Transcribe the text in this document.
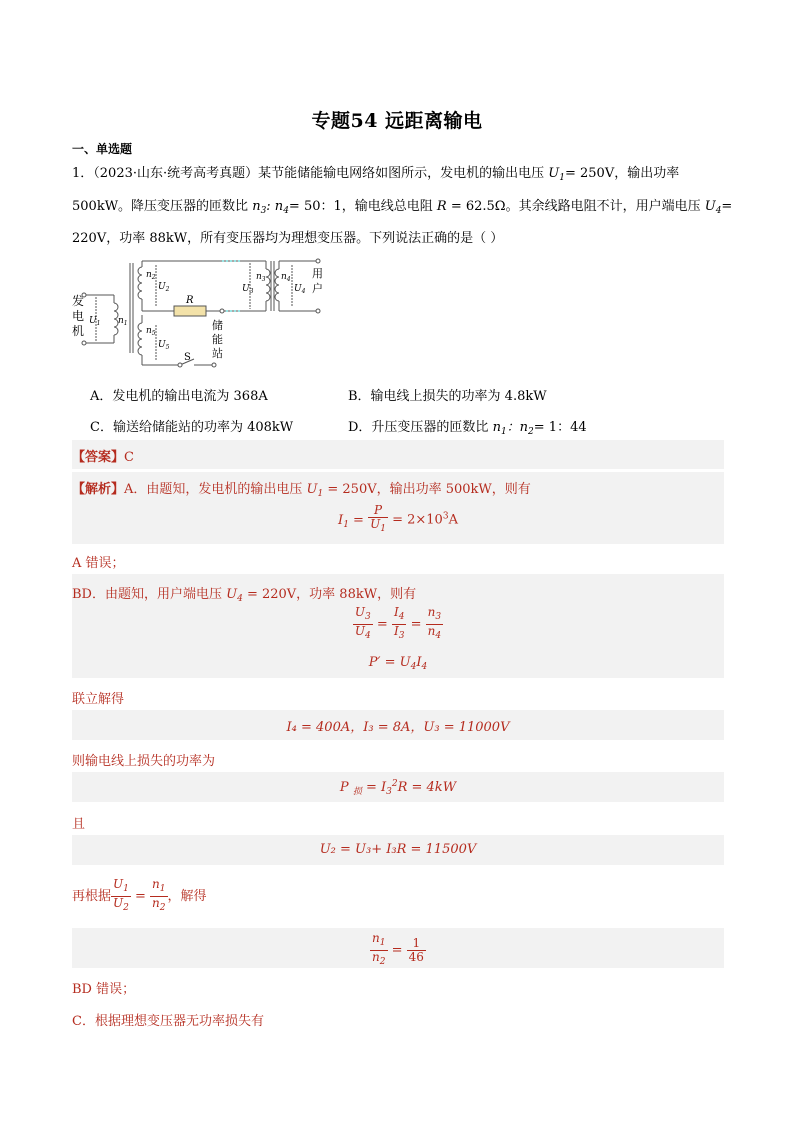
专题54 远距离输电
一、单选题
1．（2023·山东·统考高考真题）某节能储能输电网络如图所示，发电机的输出电压 $U_1= 250V$，输出功率
500kW。降压变压器的匝数比 $n_3$: $n_4= 50$：1，输电线总电阻 R = 62.5Ω。其余线路电阻不计，用户端电压 $U_4=$
220V，功率 88kW，所有变压器均为理想变压器。下列说法正确的是（ ）
发
电
机
用
户
储
能
站
R
S
$n_1$
$n_2$
$n_5$
$n_3$ $n_4$
$U_1$
$U_2$
$U_5$
$U_3$	$U_4$
A．发电机的输出电流为 368A	B．输电线上损失的功率为 4.8kW
C．输送给储能站的功率为 408kW	D．升压变压器的匝数比 $n_1$：$n_2= 1$：44
【答案】C
【解析】A．由题知，发电机的输出电压 $U_1 = 250V$，输出功率 500kW，则有
$I_1 = \frac{P}{U_1} = 2\times 10^3A$
A 错误；
BD．由题知，用户端电压 $U_4 = 220V$，功率 88kW，则有
$\frac{U_3}{U_4} = \frac{I_4}{I_3} = \frac{n_3}{n_4}$
$P' = U_4I_4$
联立解得
I₄ = 400A，I₃ = 8A，U₃ = 11000V
则输电线上损失的功率为
P $_损 = I_3^2R = 4kW$
且
U₂ = U₃+ I₃R = 11500V
再根据 $\frac{U_1}{U_2} = \frac{n_1}{n_2}$ ，解得
$\frac{n_1}{n_2} = \frac{1}{46}$
BD 错误；
C．根据理想变压器无功率损失有
